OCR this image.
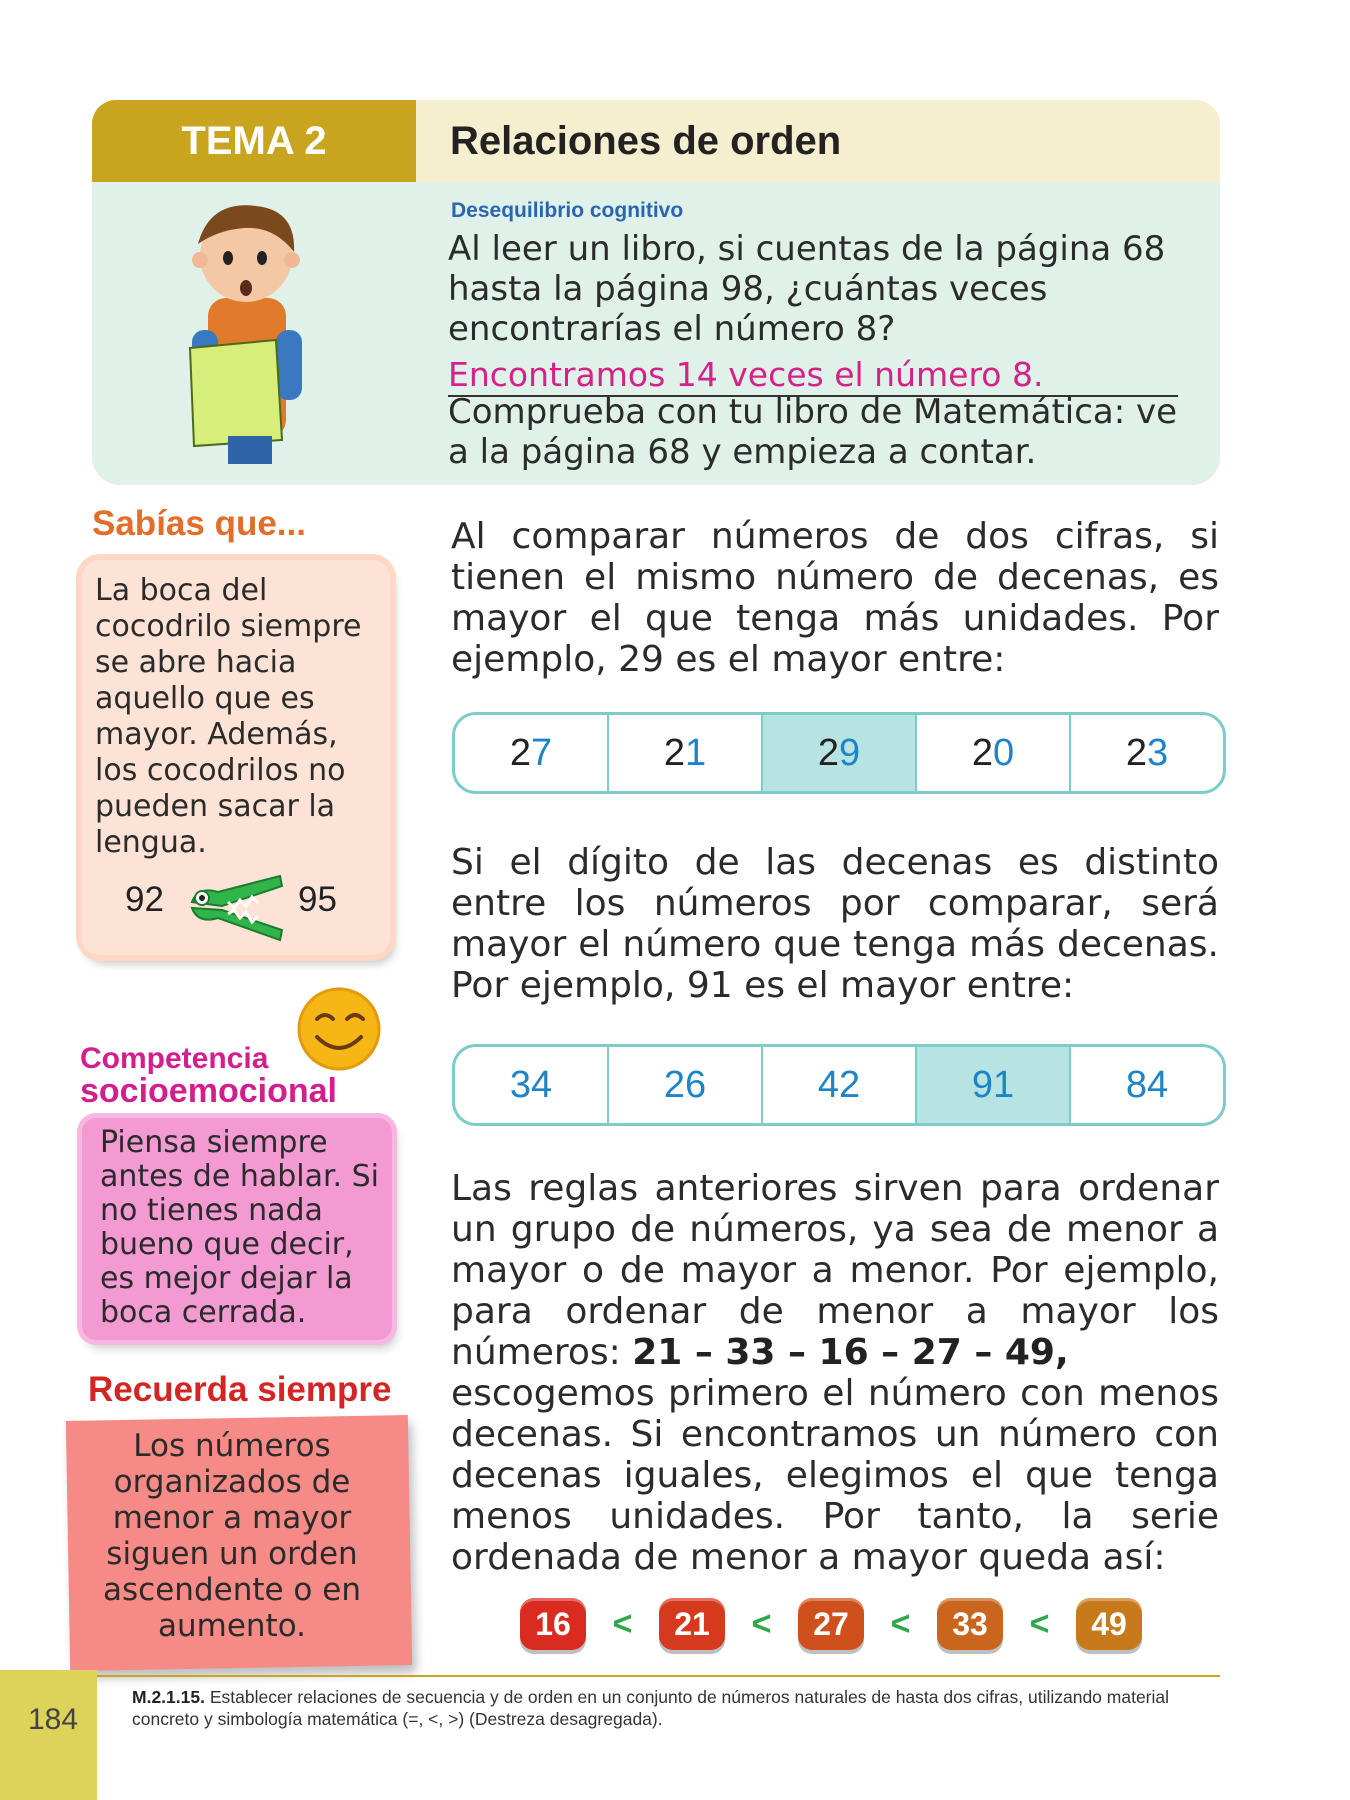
TEMA 2	Relaciones de orden
Desequilibrio cognitivo
Al leer un libro, si cuentas de la página 68 hasta la página 98, ¿cuántas veces encontrarías el número 8?
Encontramos 14 veces el número 8.
Comprueba con tu libro de Matemática: ve a la página 68 y empieza a contar.
Sabías que...
La boca del cocodrilo siempre se abre hacia aquello que es mayor. Además, los cocodrilos no pueden sacar la lengua.
92	95
Competencia
socioemocional
Piensa siempre antes de hablar. Si no tienes nada bueno que decir, es mejor dejar la boca cerrada.
Recuerda siempre
Los números organizados de menor a mayor siguen un orden ascendente o en aumento.
Al comparar números de dos cifras, si tienen el mismo número de decenas, es mayor el que tenga más unidades. Por ejemplo, 29 es el mayor entre:
27	21	29	20	23
Si el dígito de las decenas es distinto entre los números por comparar, será mayor el número que tenga más decenas. Por ejemplo, 91 es el mayor entre:
34	26	42	91	84
Las reglas anteriores sirven para ordenar un grupo de números, ya sea de menor a mayor o de mayor a menor. Por ejemplo, para ordenar de menor a mayor los números: 21 – 33 – 16 – 27 – 49,
escogemos primero el número con menos decenas. Si encontramos un número con decenas iguales, elegimos el que tenga menos unidades. Por tanto, la serie ordenada de menor a mayor queda así:
16	<	21	<	27	<	33	<	49
184
M.2.1.15. Establecer relaciones de secuencia y de orden en un conjunto de números naturales de hasta dos cifras, utilizando material concreto y simbología matemática (=, <, >) (Destreza desagregada).
